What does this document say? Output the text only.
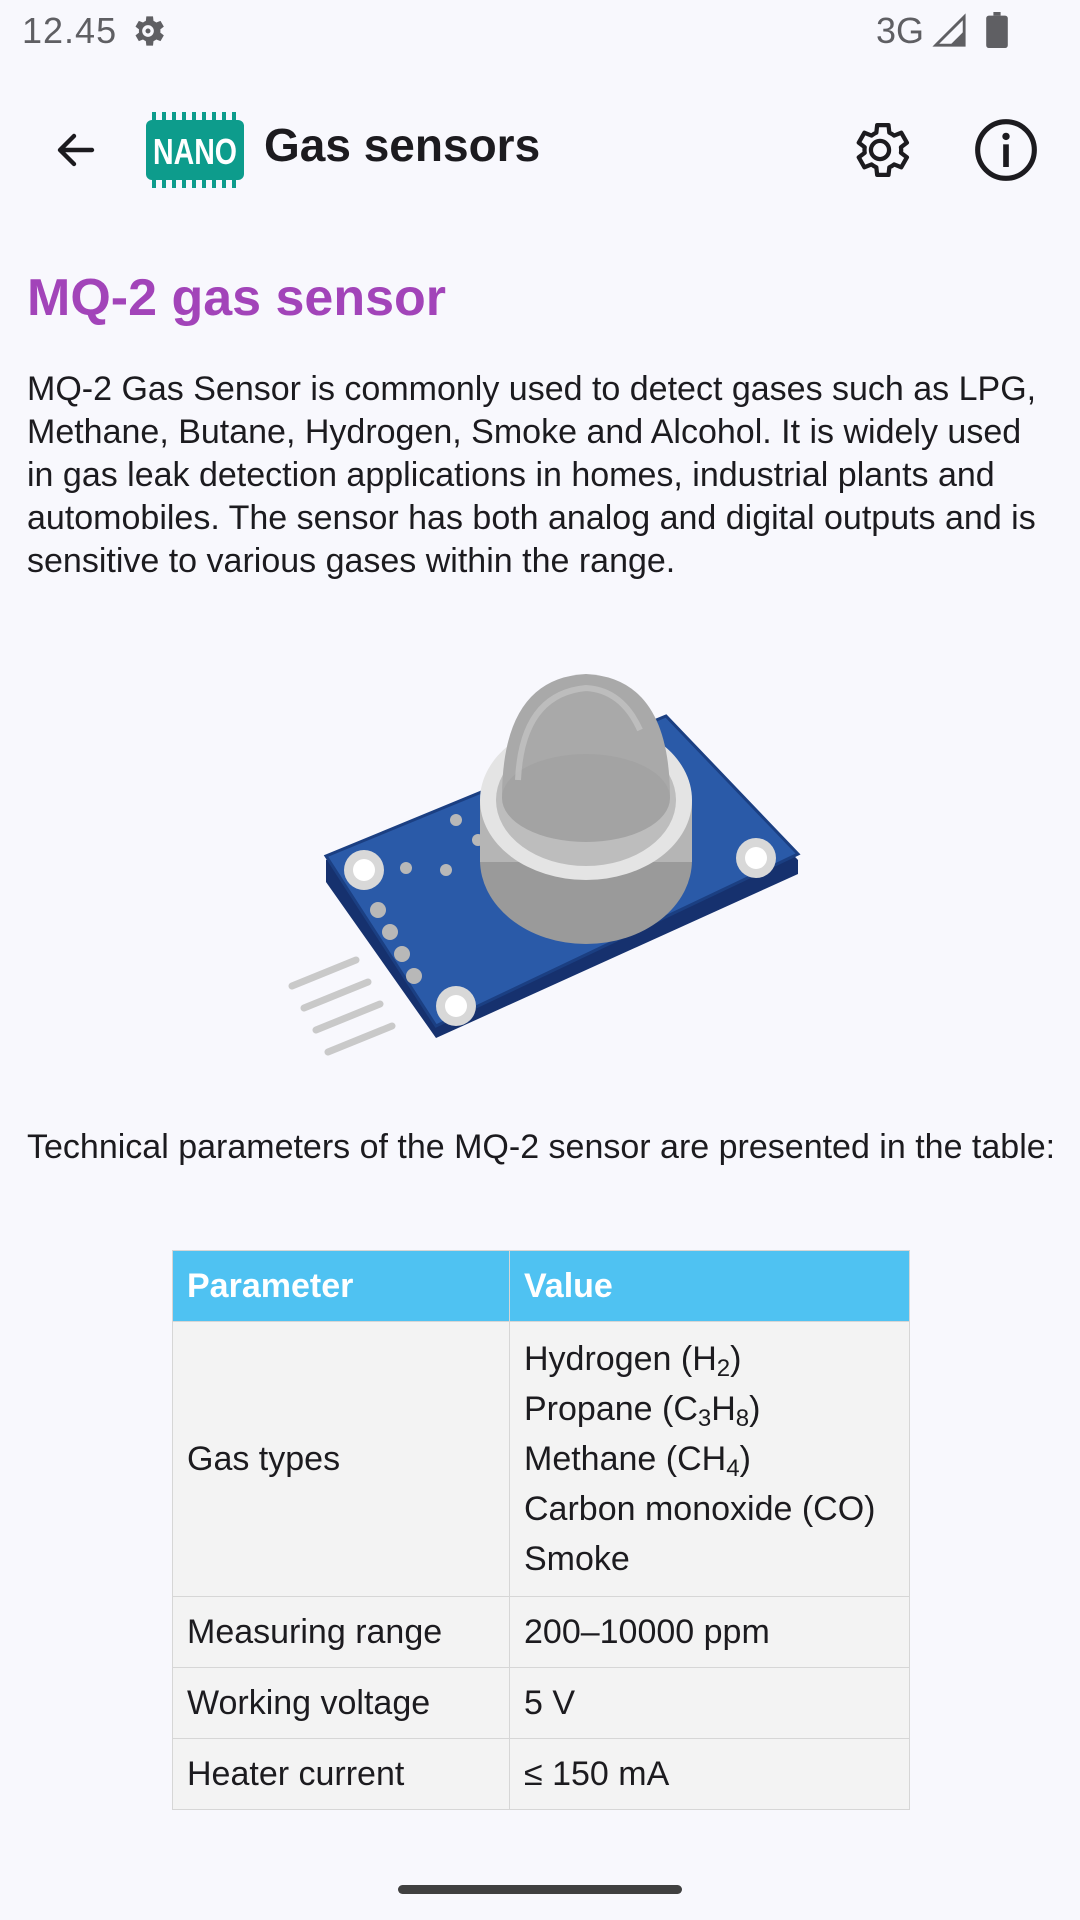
12.45	3G
NANO Gas sensors
MQ-2 gas sensor

MQ-2 Gas Sensor is commonly used to detect gases such as LPG, Methane, Butane, Hydrogen, Smoke and Alcohol. It is widely used in gas leak detection applications in homes, industrial plants and automobiles. The sensor has both analog and digital outputs and is sensitive to various gases within the range.

Technical parameters of the MQ-2 sensor are presented in the table:

Parameter	Value
Gas types	Hydrogen $(H_2)$
Propane $(C_3H_8)$
Methane $(CH_4)$
Carbon monoxide (CO)
Smoke

Measuring range	200–10000 ppm
Working voltage	5 V
Heater current	≤ 150 mA
